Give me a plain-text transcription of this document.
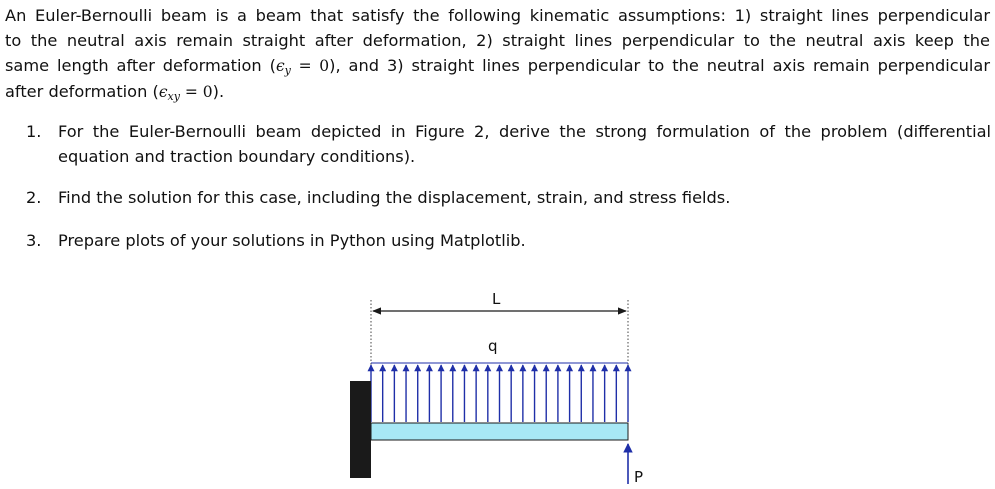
An Euler-Bernoulli beam is a beam that satisfy the following kinematic assumptions: 1) straight lines perpendicular
to the neutral axis remain straight after deformation, 2) straight lines perpendicular to the neutral axis keep the
same length after deformation $(\epsilon_y = 0)$, and 3) straight lines perpendicular to the neutral axis remain perpendicular
after deformation $(\epsilon_{xy} = 0)$.
1. For the Euler-Bernoulli beam depicted in Figure 2, derive the strong formulation of the problem (differential
equation and traction boundary conditions).
2. Find the solution for this case, including the displacement, strain, and stress fields.
3. Prepare plots of your solutions in Python using Matplotlib.
L
q
P
